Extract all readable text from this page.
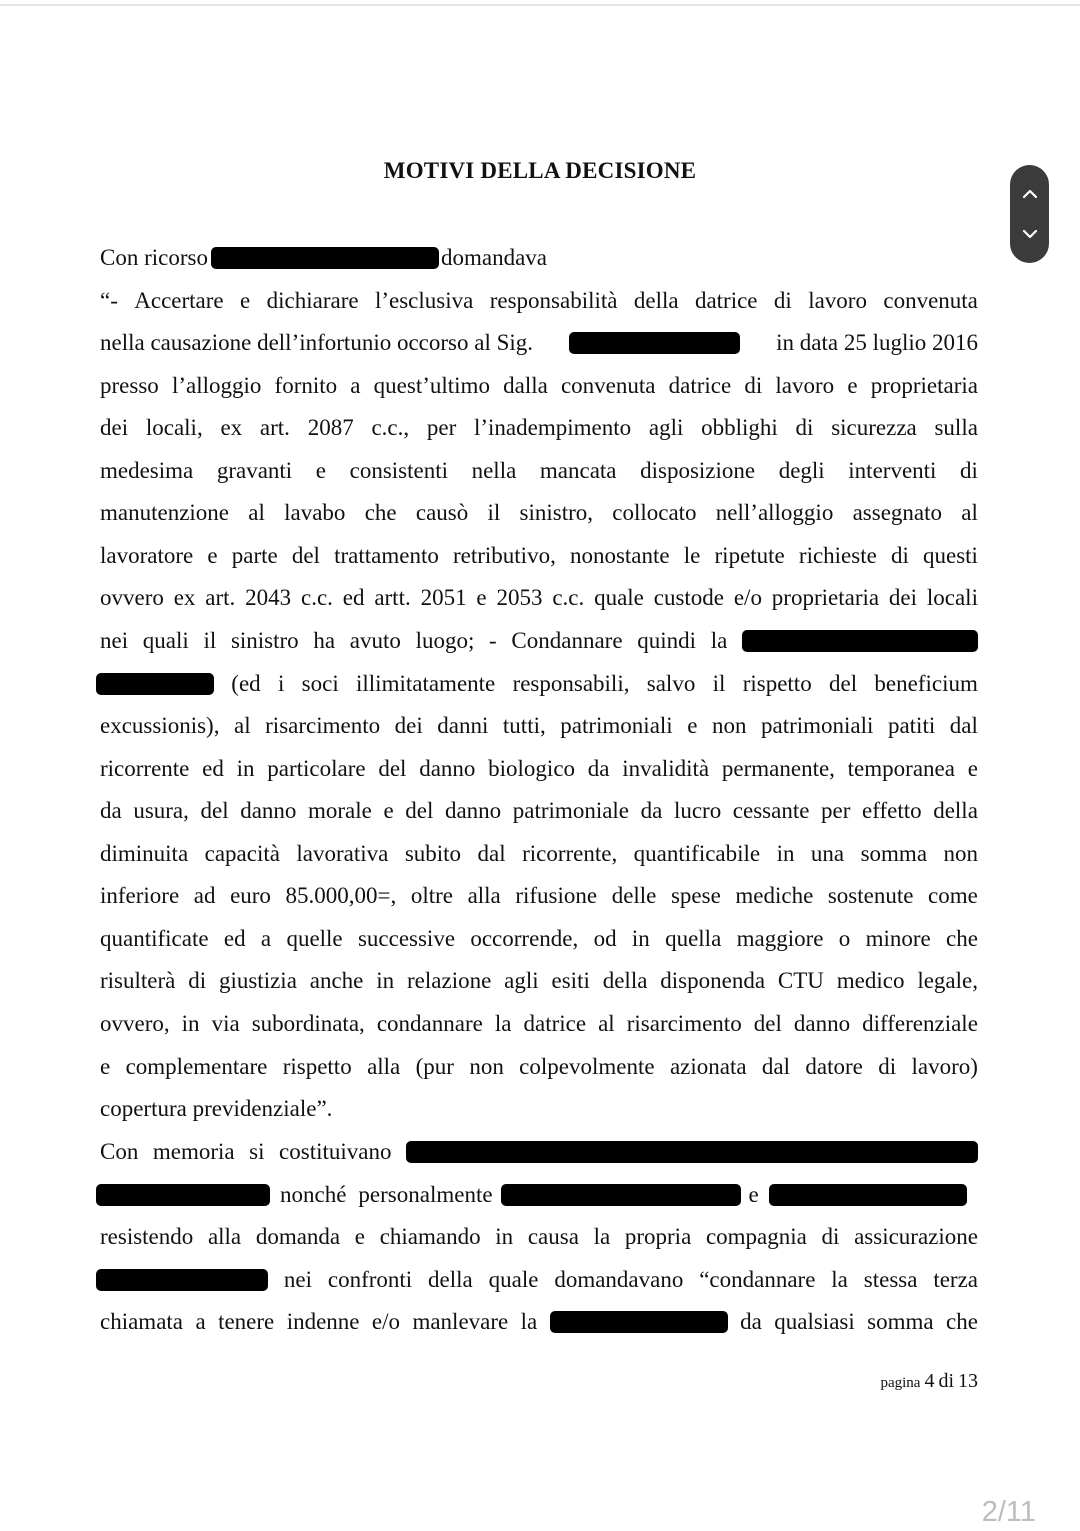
MOTIVI DELLA DECISIONE
Con ricorso	domandava
“- Accertare e dichiarare l’esclusiva responsabilità della datrice di lavoro convenuta
nella causazione dell’infortunio occorso al Sig.	in data 25 luglio 2016
presso l’alloggio fornito a quest’ultimo dalla convenuta datrice di lavoro e proprietaria
dei locali, ex art. 2087 c.c., per l’inadempimento agli obblighi di sicurezza sulla
medesima gravanti e consistenti nella mancata disposizione degli interventi di
manutenzione al lavabo che causò il sinistro, collocato nell’alloggio assegnato al
lavoratore e parte del trattamento retributivo, nonostante le ripetute richieste di questi
ovvero ex art. 2043 c.c. ed artt. 2051 e 2053 c.c. quale custode e/o proprietaria dei locali
nei quali il sinistro ha avuto luogo; - Condannare quindi la
(ed i soci illimitatamente responsabili, salvo il rispetto del beneficium
excussionis), al risarcimento dei danni tutti, patrimoniali e non patrimoniali patiti dal
ricorrente ed in particolare del danno biologico da invalidità permanente, temporanea e
da usura, del danno morale e del danno patrimoniale da lucro cessante per effetto della
diminuita capacità lavorativa subito dal ricorrente, quantificabile in una somma non
inferiore ad euro 85.000,00=, oltre alla rifusione delle spese mediche sostenute come
quantificate ed a quelle successive occorrende, od in quella maggiore o minore che
risulterà di giustizia anche in relazione agli esiti della disponenda CTU medico legale,
ovvero, in via subordinata, condannare la datrice al risarcimento del danno differenziale
e complementare rispetto alla (pur non colpevolmente azionata dal datore di lavoro)
copertura previdenziale”.
Con memoria si costituivano
nonché personalmente	e
resistendo alla domanda e chiamando in causa la propria compagnia di assicurazione
nei confronti della quale domandavano “condannare la stessa terza
chiamata a tenere indenne e/o manlevare la	da qualsiasi somma che
pagina 4 di 13
2/11
